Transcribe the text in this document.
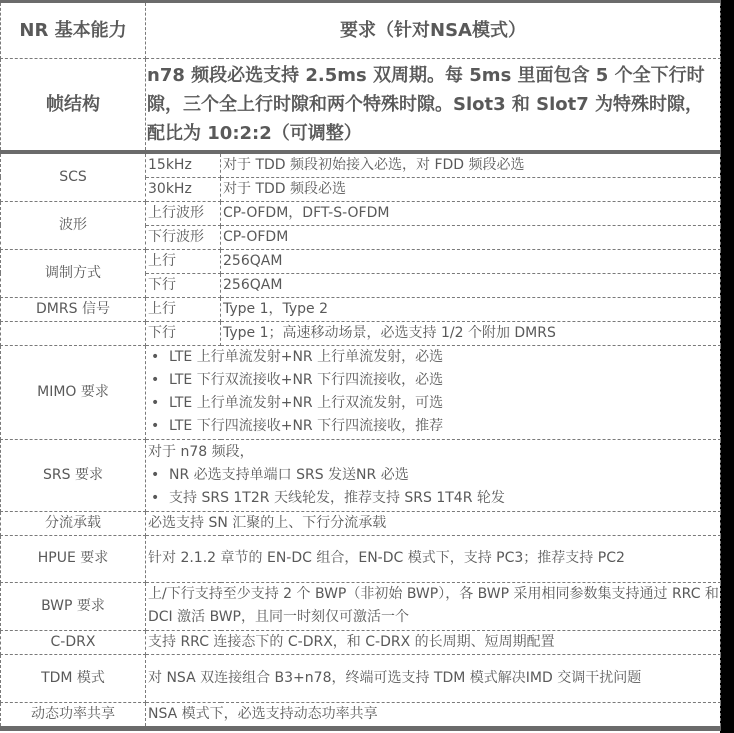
NR 基本能力	要求（针对NSA模式）	
帧结构	n78 频段必选支持 2.5ms 双周期。每 5ms 里面包含 5 个全下行时隙，三个全上行时隙和两个特殊时隙。Slot3 和 Slot7 为特殊时隙，配比为 10:2:2（可调整）	
SCS	15kHz	对于 TDD 频段初始接入必选，对 FDD 频段必选
	30kHz	对于 TDD 频段必选
波形	上行波形	CP-OFDM，DFT-S-OFDM
	下行波形	CP-OFDM
调制方式	上行	256QAM
	下行	256QAM
DMRS 信号	上行	Type 1，Type 2
	下行	Type 1；高速移动场景，必选支持 1/2 个附加 DMRS
MIMO 要求	• LTE 上行单流发射+NR 上行单流发射，必选
• LTE 下行双流接收+NR 下行四流接收，必选
• LTE 上行单流发射+NR 上行双流发射，可选
• LTE 下行四流接收+NR 下行四流接收，推荐

SRS 要求	对于 n78 频段，
• NR 必选支持单端口 SRS 发送NR 必选
• 支持 SRS 1T2R 天线轮发，推荐支持 SRS 1T4R 轮发

分流承载	必选支持 SN 汇聚的上、下行分流承载	
HPUE 要求	针对 2.1.2 章节的 EN-DC 组合，EN-DC 模式下，支持 PC3；推荐支持 PC2	
BWP 要求	上/下行支持至少支持 2 个 BWP（非初始 BWP），各 BWP 采用相同参数集支持通过 RRC 和 DCI 激活 BWP，且同一时刻仅可激活一个	
C-DRX	支持 RRC 连接态下的 C-DRX，和 C-DRX 的长周期、短周期配置	
TDM 模式	对 NSA 双连接组合 B3+n78，终端可选支持 TDM 模式解决IMD 交调干扰问题	
动态功率共享	NSA 模式下，必选支持动态功率共享	
